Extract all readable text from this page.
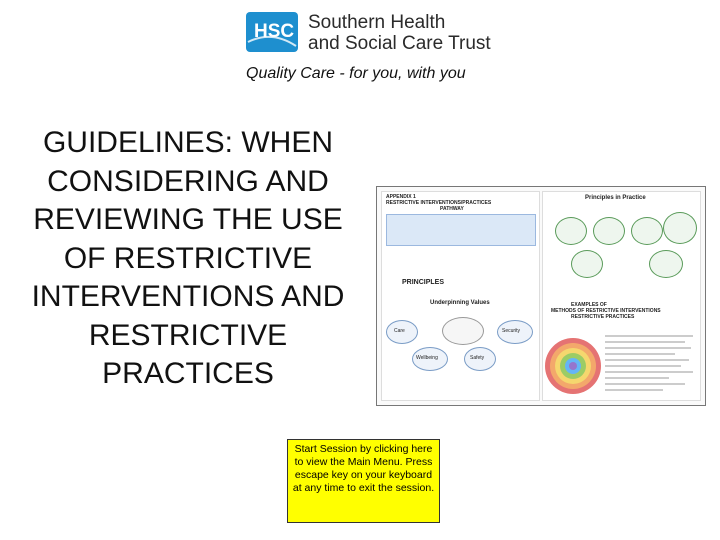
HSC Southern Health
and Social Care Trust
Quality Care - for you, with you
GUIDELINES: WHEN CONSIDERING AND REVIEWING THE USE OF RESTRICTIVE INTERVENTIONS AND RESTRICTIVE PRACTICES
APPENDIX 1
RESTRICTIVE INTERVENTIONS/PRACTICES
PATHWAY
PRINCIPLES
Underpinning Values
Care
Wellbeing	Safety
Security
Principles in Practice
EXAMPLES OF
METHODS OF RESTRICTIVE INTERVENTIONS
RESTRICTIVE PRACTICES
Start Session by clicking here to view the Main Menu. Press escape key on your keyboard at any time to exit the session.
